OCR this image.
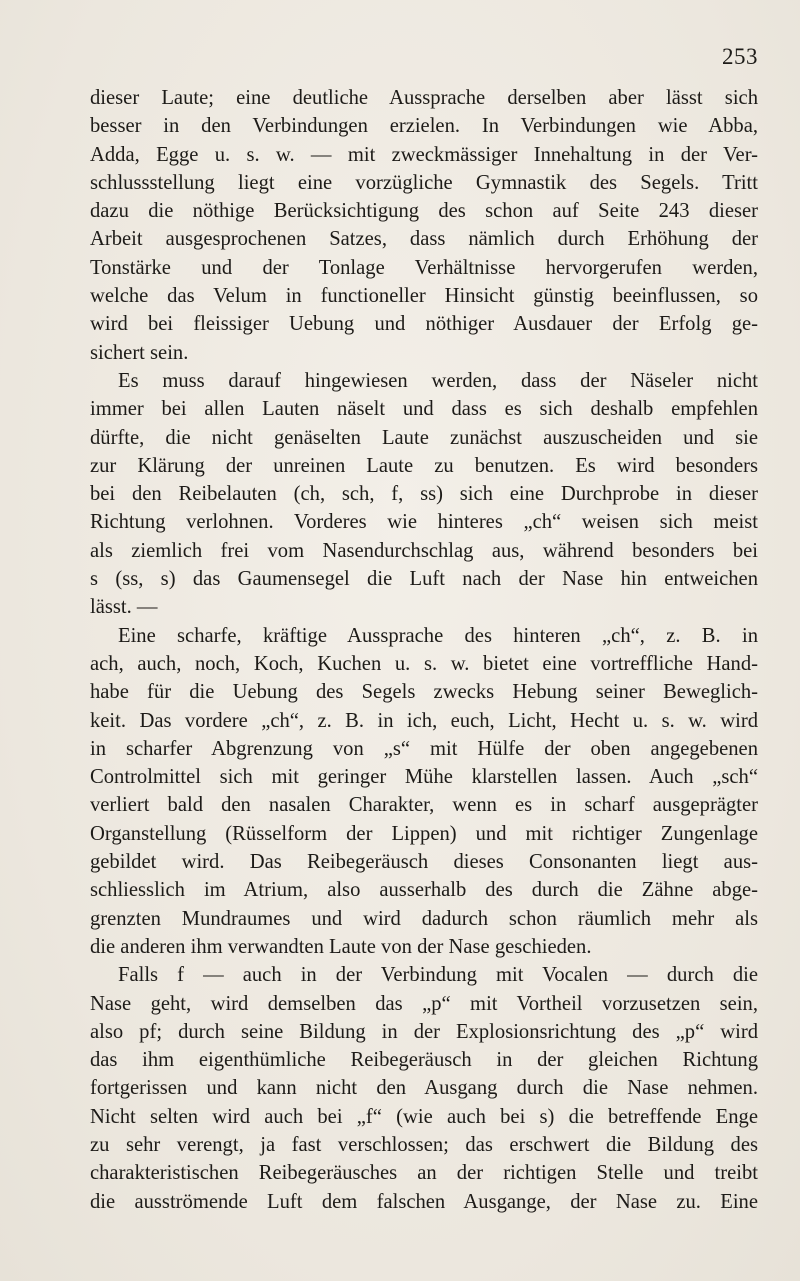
253
dieser Laute; eine deutliche Aussprache derselben aber lässt sich
besser in den Verbindungen erzielen. In Verbindungen wie Abba,
Adda, Egge u. s. w. — mit zweckmässiger Innehaltung in der Ver-
schlussstellung liegt eine vorzügliche Gymnastik des Segels. Tritt
dazu die nöthige Berücksichtigung des schon auf Seite 243 dieser
Arbeit ausgesprochenen Satzes, dass nämlich durch Erhöhung der
Tonstärke und der Tonlage Verhältnisse hervorgerufen werden,
welche das Velum in functioneller Hinsicht günstig beeinflussen, so
wird bei fleissiger Uebung und nöthiger Ausdauer der Erfolg ge-
sichert sein.
Es muss darauf hingewiesen werden, dass der Näseler nicht
immer bei allen Lauten näselt und dass es sich deshalb empfehlen
dürfte, die nicht genäselten Laute zunächst auszuscheiden und sie
zur Klärung der unreinen Laute zu benutzen. Es wird besonders
bei den Reibelauten (ch, sch, f, ss) sich eine Durchprobe in dieser
Richtung verlohnen. Vorderes wie hinteres „ch“ weisen sich meist
als ziemlich frei vom Nasendurchschlag aus, während besonders bei
s (ss, s) das Gaumensegel die Luft nach der Nase hin entweichen
lässt. —
Eine scharfe, kräftige Aussprache des hinteren „ch“, z. B. in
ach, auch, noch, Koch, Kuchen u. s. w. bietet eine vortreffliche Hand-
habe für die Uebung des Segels zwecks Hebung seiner Beweglich-
keit. Das vordere „ch“, z. B. in ich, euch, Licht, Hecht u. s. w. wird
in scharfer Abgrenzung von „s“ mit Hülfe der oben angegebenen
Controlmittel sich mit geringer Mühe klarstellen lassen. Auch „sch“
verliert bald den nasalen Charakter, wenn es in scharf ausgeprägter
Organstellung (Rüsselform der Lippen) und mit richtiger Zungenlage
gebildet wird. Das Reibegeräusch dieses Consonanten liegt aus-
schliesslich im Atrium, also ausserhalb des durch die Zähne abge-
grenzten Mundraumes und wird dadurch schon räumlich mehr als
die anderen ihm verwandten Laute von der Nase geschieden.
Falls f — auch in der Verbindung mit Vocalen — durch die
Nase geht, wird demselben das „p“ mit Vortheil vorzusetzen sein,
also pf; durch seine Bildung in der Explosionsrichtung des „p“ wird
das ihm eigenthümliche Reibegeräusch in der gleichen Richtung
fortgerissen und kann nicht den Ausgang durch die Nase nehmen.
Nicht selten wird auch bei „f“ (wie auch bei s) die betreffende Enge
zu sehr verengt, ja fast verschlossen; das erschwert die Bildung des
charakteristischen Reibegeräusches an der richtigen Stelle und treibt
die ausströmende Luft dem falschen Ausgange, der Nase zu. Eine
